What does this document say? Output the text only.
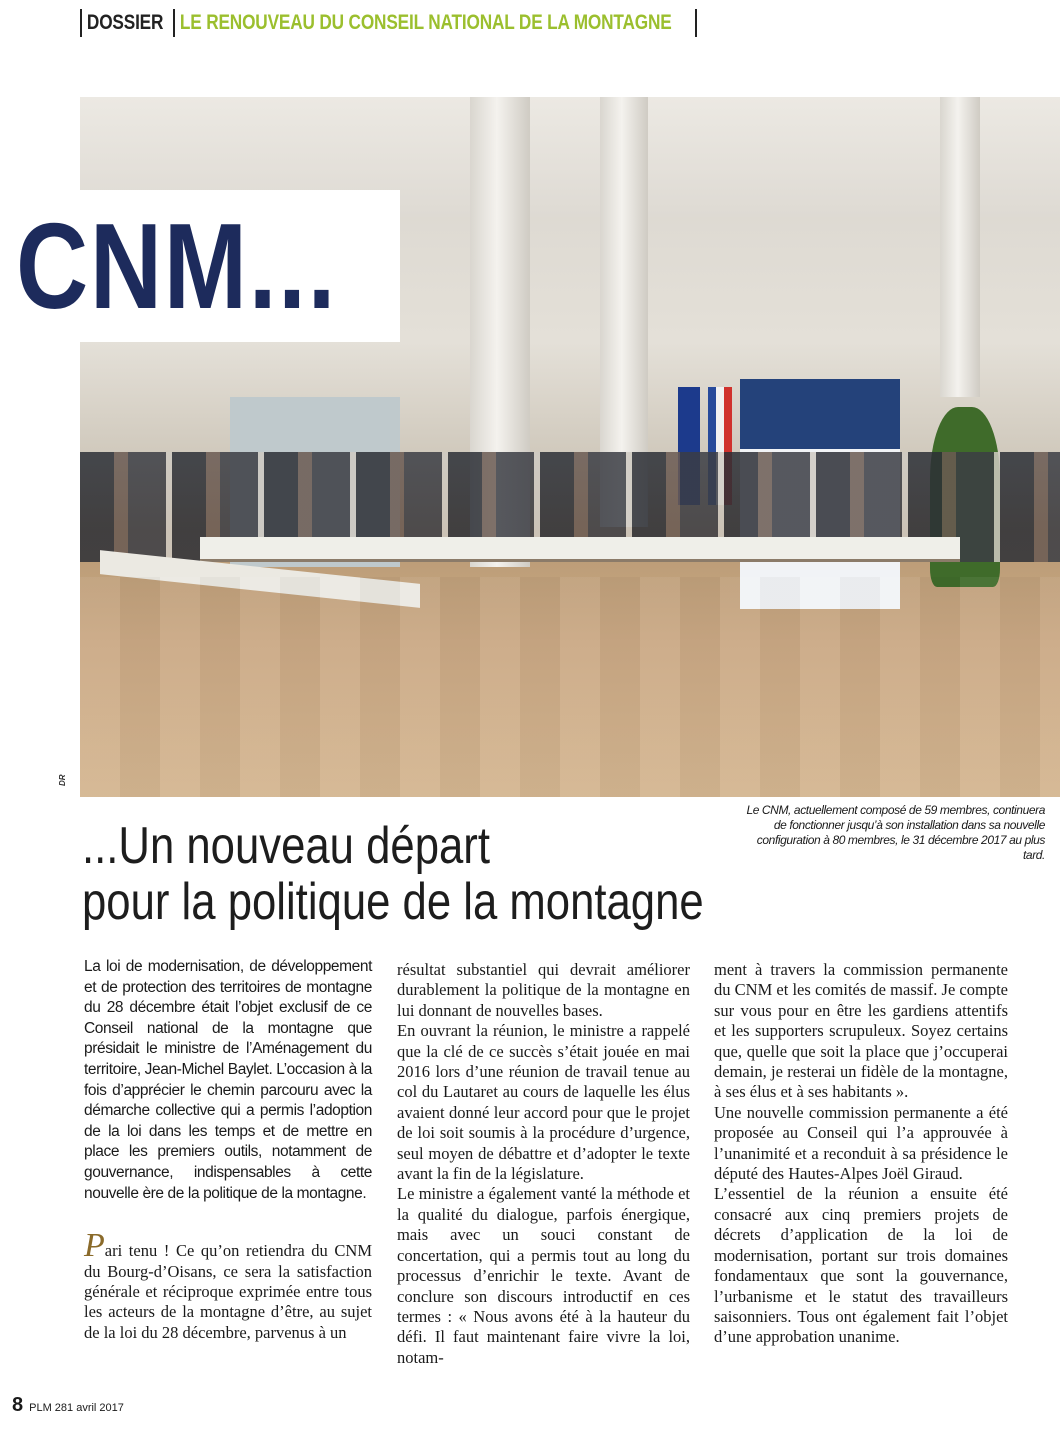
DOSSIER LE RENOUVEAU DU CONSEIL NATIONAL DE LA MONTAGNE
CNM...
DR
Le CNM, actuellement composé de 59 membres, continuera de fonctionner jusqu’à son installation dans sa nouvelle configuration à 80 membres, le 31 décembre 2017 au plus tard.
...Un nouveau départ
pour la politique de la montagne

La loi de modernisation, de développement et de protection des territoires de montagne du 28 décembre était l’objet exclusif de ce Conseil national de la montagne que présidait le ministre de l’Aménagement du territoire, Jean-Michel Baylet. L’occasion à la fois d’apprécier le chemin parcouru avec la démarche collective qui a permis l’adoption de la loi dans les temps et de mettre en place les premiers outils, notamment de gouvernance, indispensables à cette nouvelle ère de la politique de la montagne.

Pari tenu ! Ce qu’on retiendra du CNM du Bourg-d’Oisans, ce sera la satisfaction générale et réciproque exprimée entre tous les acteurs de la montagne d’être, au sujet de la loi du 28 décembre, parvenus à un

résultat substantiel qui devrait améliorer durablement la politique de la montagne en lui donnant de nouvelles bases.

En ouvrant la réunion, le ministre a rappelé que la clé de ce succès s’était jouée en mai 2016 lors d’une réunion de travail tenue au col du Lautaret au cours de laquelle les élus avaient donné leur accord pour que le projet de loi soit soumis à la procédure d’urgence, seul moyen de débattre et d’adopter le texte avant la fin de la législature.

Le ministre a également vanté la méthode et la qualité du dialogue, parfois énergique, mais avec un souci constant de concertation, qui a permis tout au long du processus d’enrichir le texte. Avant de conclure son discours introductif en ces termes : « Nous avons été à la hauteur du défi. Il faut maintenant faire vivre la loi, notam-

ment à travers la commission permanente du CNM et les comités de massif. Je compte sur vous pour en être les gardiens attentifs et les supporters scrupuleux. Soyez certains que, quelle que soit la place que j’occuperai demain, je resterai un fidèle de la montagne, à ses élus et à ses habitants ».

Une nouvelle commission permanente a été proposée au Conseil qui l’a approuvée à l’unanimité et a reconduit à sa présidence le député des Hautes-Alpes Joël Giraud.

L’essentiel de la réunion a ensuite été consacré aux cinq premiers projets de décrets d’application de la loi de modernisation, portant sur trois domaines fondamentaux que sont la gouvernance, l’urbanisme et le statut des travailleurs saisonniers. Tous ont également fait l’objet d’une approbation unanime.

8 PLM 281 avril 2017
